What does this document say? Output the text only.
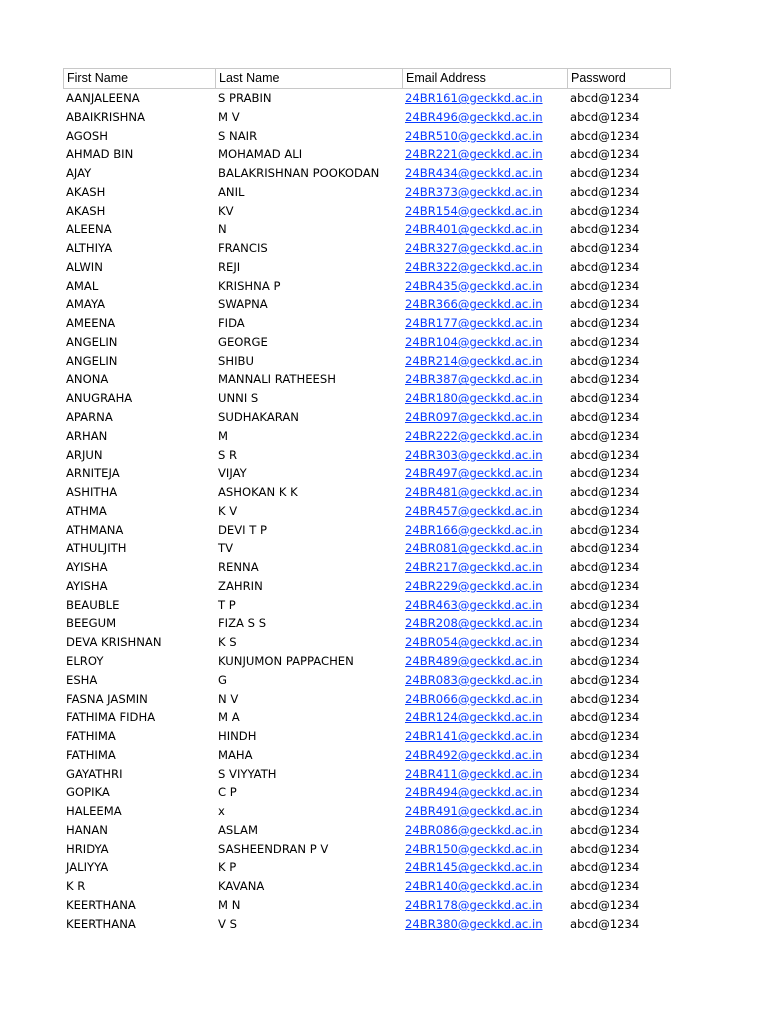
First Name	Last Name	Email Address	Password
AANJALEENA	S PRABIN	24BR161@geckkd.ac.in	abcd@1234
ABAIKRISHNA	M V	24BR496@geckkd.ac.in	abcd@1234
AGOSH	S NAIR	24BR510@geckkd.ac.in	abcd@1234
AHMAD BIN	MOHAMAD ALI	24BR221@geckkd.ac.in	abcd@1234
AJAY	BALAKRISHNAN POOKODAN	24BR434@geckkd.ac.in	abcd@1234
AKASH	ANIL	24BR373@geckkd.ac.in	abcd@1234
AKASH	KV	24BR154@geckkd.ac.in	abcd@1234
ALEENA	N	24BR401@geckkd.ac.in	abcd@1234
ALTHIYA	FRANCIS	24BR327@geckkd.ac.in	abcd@1234
ALWIN	REJI	24BR322@geckkd.ac.in	abcd@1234
AMAL	KRISHNA P	24BR435@geckkd.ac.in	abcd@1234
AMAYA	SWAPNA	24BR366@geckkd.ac.in	abcd@1234
AMEENA	FIDA	24BR177@geckkd.ac.in	abcd@1234
ANGELIN	GEORGE	24BR104@geckkd.ac.in	abcd@1234
ANGELIN	SHIBU	24BR214@geckkd.ac.in	abcd@1234
ANONA	MANNALI RATHEESH	24BR387@geckkd.ac.in	abcd@1234
ANUGRAHA	UNNI S	24BR180@geckkd.ac.in	abcd@1234
APARNA	SUDHAKARAN	24BR097@geckkd.ac.in	abcd@1234
ARHAN	M	24BR222@geckkd.ac.in	abcd@1234
ARJUN	S R	24BR303@geckkd.ac.in	abcd@1234
ARNITEJA	VIJAY	24BR497@geckkd.ac.in	abcd@1234
ASHITHA	ASHOKAN K K	24BR481@geckkd.ac.in	abcd@1234
ATHMA	K V	24BR457@geckkd.ac.in	abcd@1234
ATHMANA	DEVI T P	24BR166@geckkd.ac.in	abcd@1234
ATHULJITH	TV	24BR081@geckkd.ac.in	abcd@1234
AYISHA	RENNA	24BR217@geckkd.ac.in	abcd@1234
AYISHA	ZAHRIN	24BR229@geckkd.ac.in	abcd@1234
BEAUBLE	T P	24BR463@geckkd.ac.in	abcd@1234
BEEGUM	FIZA S S	24BR208@geckkd.ac.in	abcd@1234
DEVA KRISHNAN	K S	24BR054@geckkd.ac.in	abcd@1234
ELROY	KUNJUMON PAPPACHEN	24BR489@geckkd.ac.in	abcd@1234
ESHA	G	24BR083@geckkd.ac.in	abcd@1234
FASNA JASMIN	N V	24BR066@geckkd.ac.in	abcd@1234
FATHIMA FIDHA	M A	24BR124@geckkd.ac.in	abcd@1234
FATHIMA	HINDH	24BR141@geckkd.ac.in	abcd@1234
FATHIMA	MAHA	24BR492@geckkd.ac.in	abcd@1234
GAYATHRI	S VIYYATH	24BR411@geckkd.ac.in	abcd@1234
GOPIKA	C P	24BR494@geckkd.ac.in	abcd@1234
HALEEMA	x	24BR491@geckkd.ac.in	abcd@1234
HANAN	ASLAM	24BR086@geckkd.ac.in	abcd@1234
HRIDYA	SASHEENDRAN P V	24BR150@geckkd.ac.in	abcd@1234
JALIYYA	K P	24BR145@geckkd.ac.in	abcd@1234
K R	KAVANA	24BR140@geckkd.ac.in	abcd@1234
KEERTHANA	M N	24BR178@geckkd.ac.in	abcd@1234
KEERTHANA	V S	24BR380@geckkd.ac.in	abcd@1234
